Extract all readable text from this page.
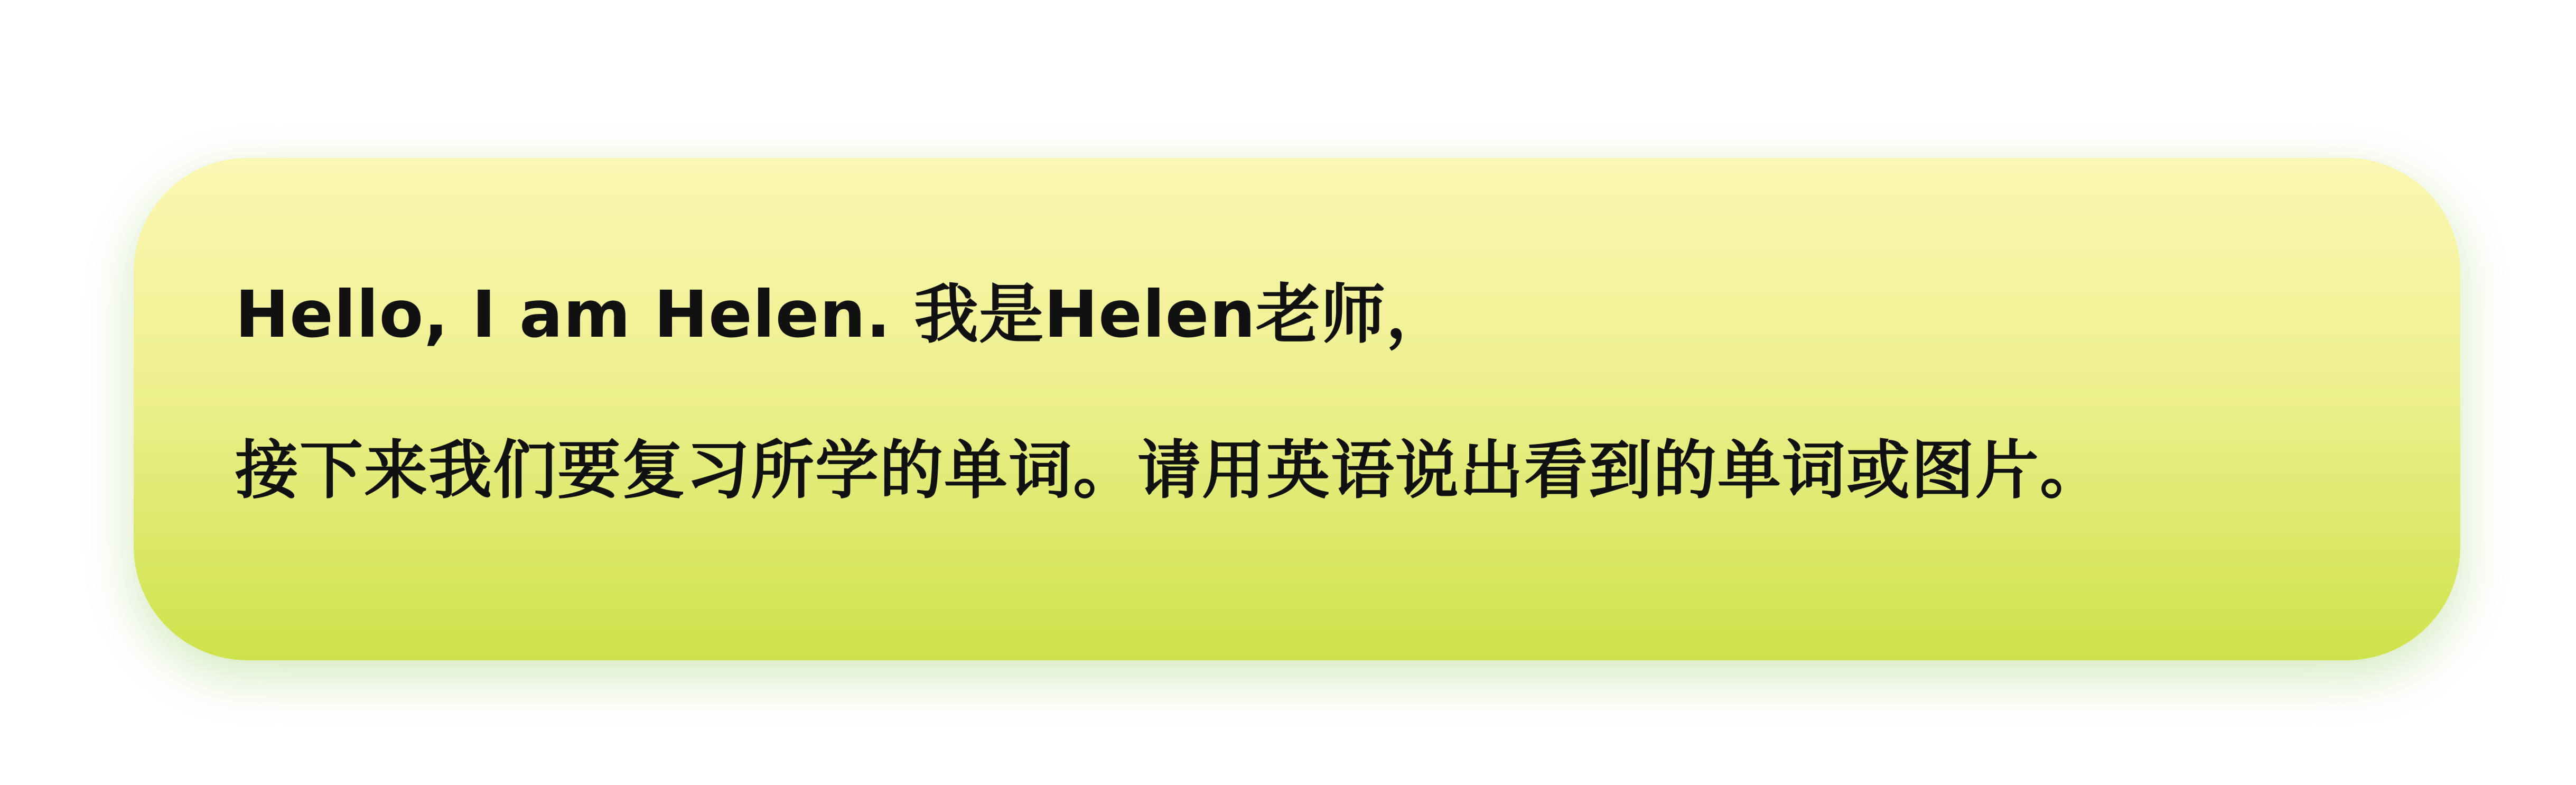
Hello, I am Helen. 我是Helen老师，
接下来我们要复习所学的单词。请用英语说出看到的单词或图片。
